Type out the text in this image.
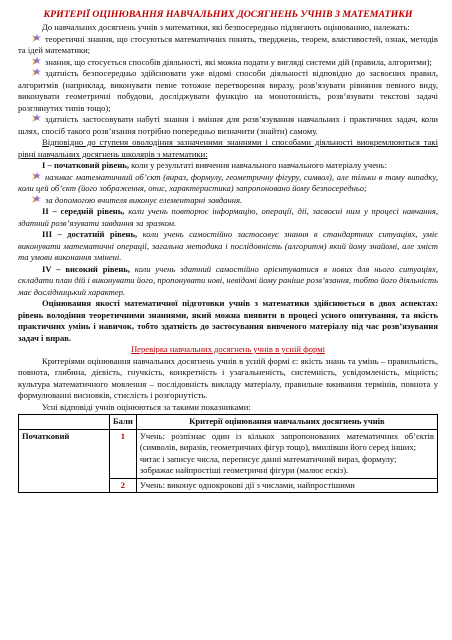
КРИТЕРІЇ ОЦІНЮВАННЯ НАВЧАЛЬНИХ ДОСЯГНЕНЬ УЧНІВ З МАТЕМАТИКИ

До навчальних досягнень учнів з математики, які безпосередньо підлягають оцінюванню, належать:

теоретичні знання, що стосуються математичних понять, тверджень, теорем, властивостей, ознак, методів та ідей математики;

знання, що стосується способів діяльності, які можна подати у вигляді системи дій (правила, алгоритми);

здатність безпосередньо здійснювати уже відомі способи діяльності відповідно до засвоєних правил, алгоритмів (наприклад, виконувати певне тотожне перетворення виразу, розв’язувати рівняння певного виду, виконувати геометричні побудови, досліджувати функцію на монотонність, розв’язувати текстові задачі розглянутих типів тощо);

здатність застосовувати набуті знання і вміння для розв’язування навчальних і практичних задач, коли шлях, спосіб такого розв’язання потрібно попередньо визначити (знайти) самому.

Відповідно до ступеня оволодіння зазначеними знаннями і способами діяльності виокремлюються такі рівні навчальних досягнень школярів з математики:

I – початковий рівень, коли у результаті вивчення навчального навчального матеріалу учень:

називає математичний об’єкт (вираз, формулу, геометричну фігуру, символ), але тільки в тому випадку, коли цей об’єкт (його зображення, опис, характеристика) запропоновано йому безпосередньо;

за допомогою вчителя виконує елементарні завдання.

II – середній рівень, коли учень повторює інформацію, операції, дії, засвоєні ним у процесі навчання, здатний розв’язувати завдання за зразком.

III – достатній рівень, коли учень самостійно застосовує знання в стандартних ситуаціях, уміє виконувати математичні операції, загальна методика і послідовність (алгоритм) який йому знайомі, але зміст та умови виконання змінені.

IV – високий рівень, коли учень здатний самостійно орієнтуватися в нових для нього ситуаціях, складати план дій і виконувати його, пропонувати нові, невідомі йому раніше розв’язання, тобто його діяльність має дослідницький характер.

Оцінювання якості математичної підготовки учнів з математики здійснюється в двох аспектах: рівень володіння теоретичними знаннями, який можна виявити в процесі усного опитування, та якість практичних умінь і навичок, тобто здатність до застосування вивченого матеріалу під час розв’язування задач і вправ.

Перевірка навчальних досягнень учнів в усній формі

Критеріями оцінювання навчальних досягнень учнів в усній формі є: якість знань та умінь – правильність, повнота, глибина, дієвість, гнучкість, конкретність і узагальненість, системність, усвідомленість, міцність; культура математичного мовлення – послідовність викладу матеріалу, правильне вживання термінів, повнота у формулюванні висновків, стислість і розгорнутість.

Усні відповіді учнів оцінюються за такими показниками:

	Бали	Критерії оцінювання навчальних досягнень учнів
Початковий	1	Учень: розпізнає один із кількох запропонованих математичних об’єктів (символів, виразів, геометричних фігур тощо), вмилівши його серед інших;
читає і записує числа, переписує данні математичний вираз, формулу;
зображає найпростіші геометричні фігури (малює ескіз).

	2	Учень: виконує однокрокові дії з числами, найпростішими
